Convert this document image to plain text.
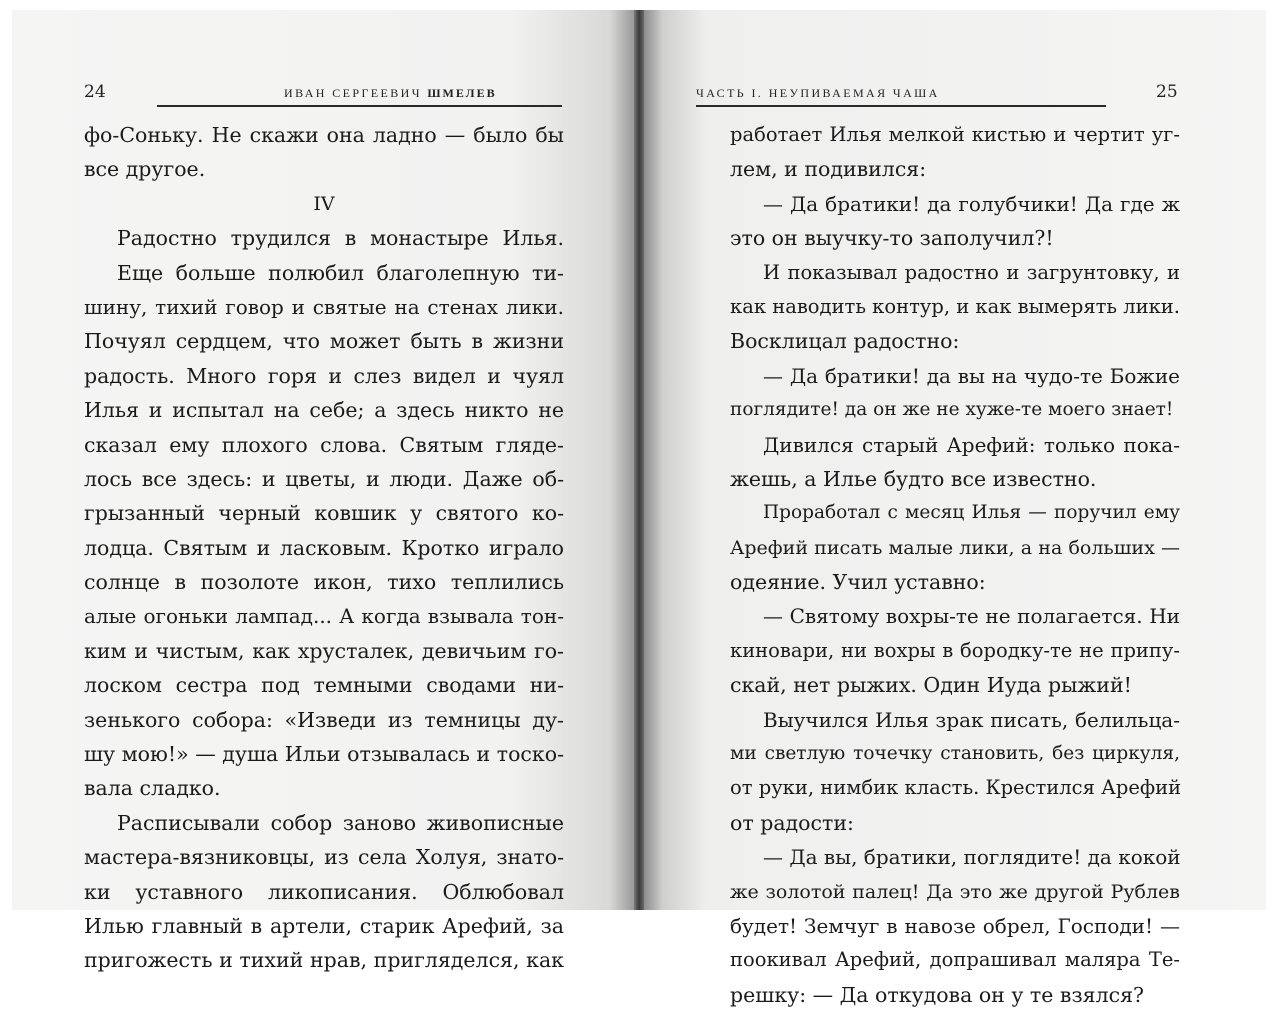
24	ИВАН СЕРГЕЕВИЧ ШМЕЛЕВ
фо-Соньку. Не скажи она ладно — было бы
все другое.
IV
Радостно трудился в монастыре Илья.
Еще больше полюбил благолепную ти-
шину, тихий говор и святые на стенах лики.
Почуял сердцем, что может быть в жизни
радость. Много горя и слез видел и чуял
Илья и испытал на себе; а здесь никто не
сказал ему плохого слова. Святым гляде-
лось все здесь: и цветы, и люди. Даже об-
грызанный черный ковшик у святого ко-
лодца. Святым и ласковым. Кротко играло
солнце в позолоте икон, тихо теплились
алые огоньки лампад... А когда взывала тон-
ким и чистым, как хрусталек, девичьим го-
лоском сестра под темными сводами ни-
зенького собора: «Изведи из темницы ду-
шу мою!» — душа Ильи отзывалась и тоско-
вала сладко.
Расписывали собор заново живописные
мастера-вязниковцы, из села Холуя, знато-
ки уставного ликописания. Облюбовал
Илью главный в артели, старик Арефий, за
пригожесть и тихий нрав, пригляделся, как
ЧАСТЬ I. НЕУПИВАЕМАЯ ЧАША	25
работает Илья мелкой кистью и чертит уг-
лем, и подивился:
— Да братики! да голубчики! Да где ж
это он выучку-то заполучил?!
И показывал радостно и загрунтовку, и
как наводить контур, и как вымерять лики.
Восклицал радостно:
— Да братики! да вы на чудо-те Божие
поглядите! да он же не хуже-те моего знает!
Дивился старый Арефий: только пока-
жешь, а Илье будто все известно.
Проработал с месяц Илья — поручил ему
Арефий писать малые лики, а на больших —
одеяние. Учил уставно:
— Святому вохры-те не полагается. Ни
киновари, ни вохры в бородку-те не припу-
скай, нет рыжих. Один Иуда рыжий!
Выучился Илья зрак писать, белильца-
ми светлую точечку становить, без циркуля,
от руки, нимбик класть. Крестился Арефий
от радости:
— Да вы, братики, поглядите! да кокой
же золотой палец! Да это же другой Рублев
будет! Земчуг в навозе обрел, Господи! —
поокивал Арефий, допрашивал маляра Те-
решку: — Да откудова он у те взялся?
